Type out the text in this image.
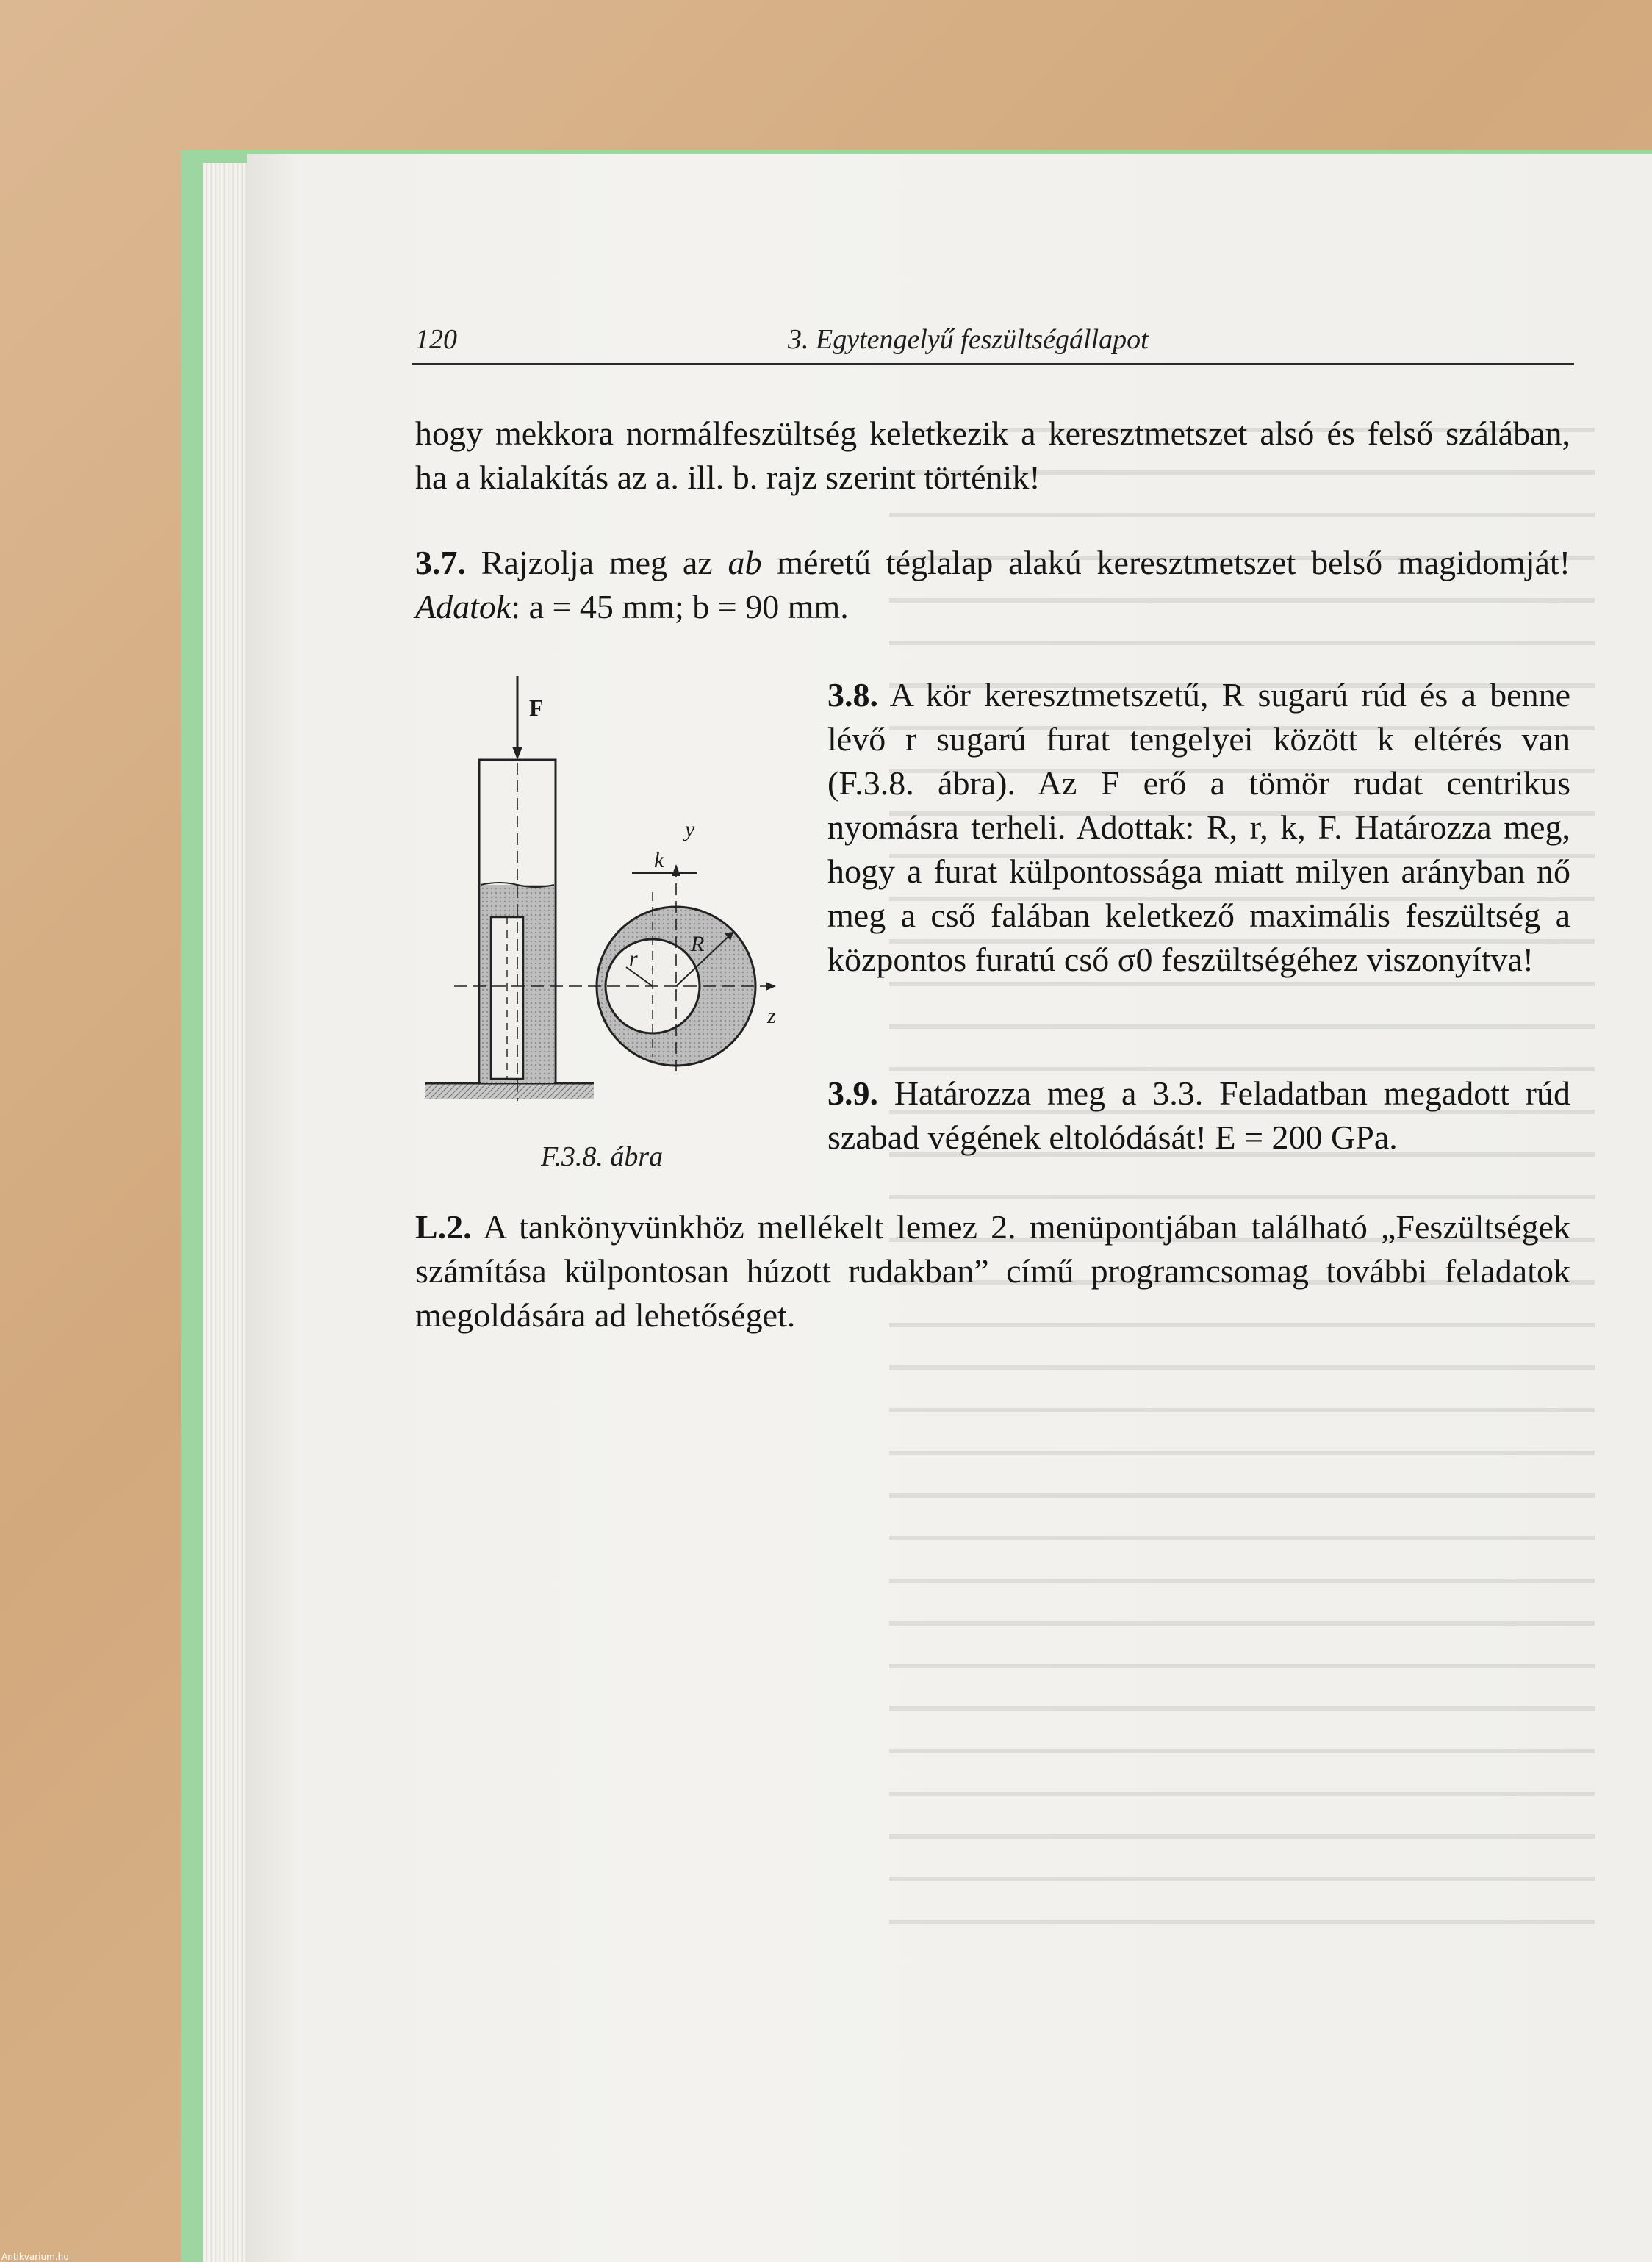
120	3. Egytengelyű feszültségállapot
hogy mekkora normálfeszültség keletkezik a keresztmetszet alsó és felső szálában, ha a kialakítás az a. ill. b. rajz szerint történik!
3.7. Rajzolja meg az ab méretű téglalap alakú keresztmetszet belső magidomját! Adatok: a = 45 mm; b = 90 mm.
F
z
y
k
r
R
F.3.8. ábra
3.8. A kör keresztmetszetű, R sugarú rúd és a benne lévő r sugarú furat tengelyei között k eltérés van (F.3.8. ábra). Az F erő a tömör rudat centrikus nyomásra terheli. Adottak: R, r, k, F. Határozza meg, hogy a furat külpontossága miatt milyen arányban nő meg a cső falában keletkező maximális feszültség a központos furatú cső σ0 feszültségéhez viszonyítva!
3.9. Határozza meg a 3.3. Feladatban megadott rúd szabad végének eltolódását! E = 200 GPa.
L.2. A tankönyvünkhöz mellékelt lemez 2. menüpontjában található „Feszültségek számítása külpontosan húzott rudakban” című programcsomag további feladatok megoldására ad lehetőséget.
Antikvarium.hu
